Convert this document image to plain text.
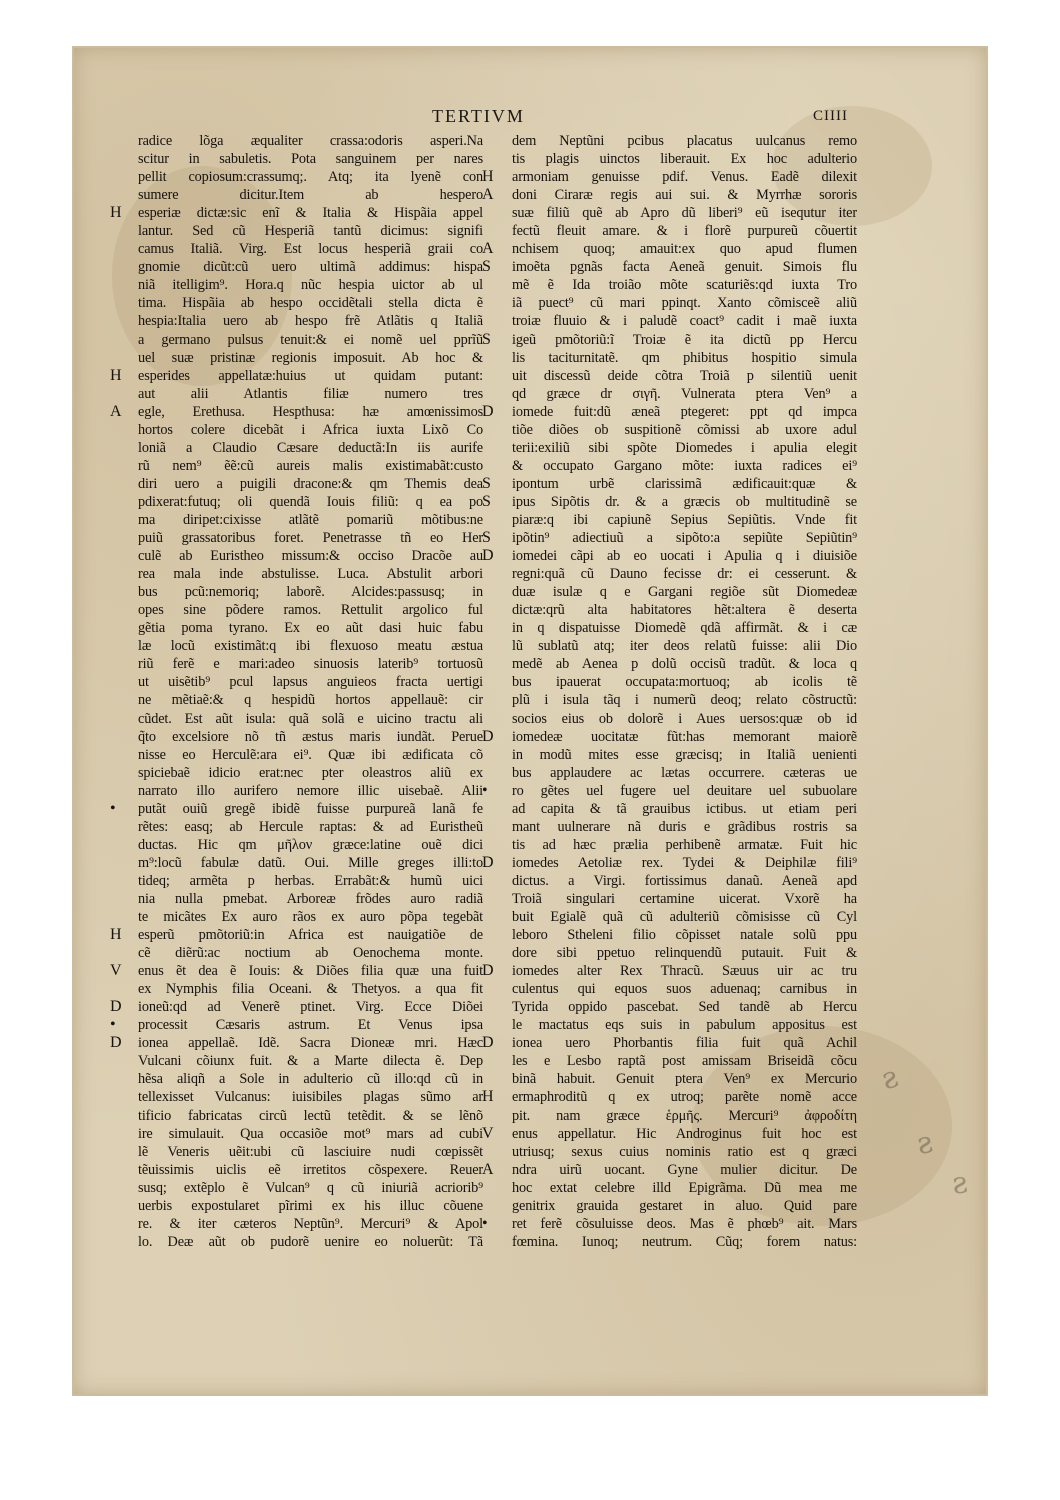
TERTIVM	CIIII
radice lõga æqualiter crassa:odoris asperi.Na
scitur in sabuletis. Pota sanguinem per nares
pellit copiosum:crassumq;. Atq; ita lyenẽ con
sumere dicitur.Item ab hespero
H	esperiæ dictæ:sic enĩ & Italia & Hispãia appel
lantur. Sed cũ Hesperiã tantũ dicimus: signifi
camus Italiã. Virg. Est locus hesperiã graii co
gnomie dicũt:cũ uero ultimã addimus: hispa
niã itelligim⁹. Hora.q nũc hespia uictor ab ul
tima. Hispãia ab hespo occidẽtali stella dicta ẽ
hespia:Italia uero ab hespo frẽ Atlãtis q Italiã
a germano pulsus tenuit:& ei nomẽ uel pprĩũ
uel suæ pristinæ regionis imposuit. Ab hoc &
H	esperides appellatæ:huius ut quidam putant:
aut alii Atlantis filiæ numero tres
A	egle, Erethusa. Hespthusa: hæ amœnissimos
hortos colere dicebãt i Africa iuxta Lixõ Co
loniã a Claudio Cæsare deductã:In iis aurife
rũ nem⁹ ẽẽ:cũ aureis malis existimabãt:custo
diri uero a puigili dracone:& qm Themis dea
pdixerat:futuq; oli quendã Iouis filiũ: q ea po
ma diripet:cixisse atlãtẽ pomariũ mõtibus:ne
puiũ grassatoribus foret. Penetrasse tñ eo Her
culẽ ab Euristheo missum:& occiso Dracõe au
rea mala inde abstulisse. Luca. Abstulit arbori
bus pcũ:nemoriq; laborẽ. Alcides:passusq; in
opes sine põdere ramos. Rettulit argolico ful
gẽtia poma tyrano. Ex eo aũt dasi huic fabu
læ locũ existimãt:q ibi flexuoso meatu æstua
riũ ferẽ e mari:adeo sinuosis laterib⁹ tortuosũ
ut uisẽtib⁹ pcul lapsus anguieos fracta uertigi
ne mẽtiaẽ:& q hespidũ hortos appellauẽ: cir
cũdet. Est aũt isula: quã solã e uicino tractu ali
q̃to excelsiore nõ tñ æstus maris iundãt. Perue
nisse eo Herculẽ:ara ei⁹. Quæ ibi ædificata cõ
spiciebaẽ idicio erat:nec pter oleastros aliũ ex
narrato illo aurifero nemore illic uisebaẽ. Alii
•	putãt ouiũ gregẽ ibidẽ fuisse purpureã lanã fe
rẽtes: easq; ab Hercule raptas: & ad Euristheũ
ductas. Hic qm μῆλον græce:latine ouẽ dici
m⁹:locũ fabulæ datũ. Oui. Mille greges illi:to
tideq; armẽta p herbas. Errabãt:& humũ uici
nia nulla pmebat. Arboreæ frõdes auro radiã
te micãtes Ex auro rãos ex auro põpa tegebãt
H	esperũ pmõtoriũ:in Africa est nauigatiõe de
cẽ diẽrũ:ac noctium ab Oenochema monte.
V	enus ẽt dea ẽ Iouis: & Diões filia quæ una fuit
ex Nymphis filia Oceani. & Thetyos. a qua fit
D	ioneũ:qd ad Venerẽ ptinet. Virg. Ecce Diõei
•	processit Cæsaris astrum. Et Venus ipsa
D	ionea appellaẽ. Idẽ. Sacra Dioneæ mri. Hæc
Vulcani cõiunx fuit. & a Marte dilecta ẽ. Dep
hẽsa aliqñ a Sole in adulterio cũ illo:qd cũ in
tellexisset Vulcanus: iuisibiles plagas sũmo ar
tificio fabricatas circũ lectũ tetẽdit. & se lẽnõ
ire simulauit. Qua occasiõe mot⁹ mars ad cubi
lẽ Veneris uẽit:ubi cũ lasciuire nudi cœpissẽt
tẽuissimis uiclis eẽ irretitos cõspexere. Reuer
susq; extẽplo ẽ Vulcan⁹ q cũ iniuriã acriorib⁹
uerbis expostularet pĩrimi ex his illuc cõuene
re. & iter cæteros Neptũn⁹. Mercuri⁹ & Apol
lo. Deæ aũt ob pudorẽ uenire eo noluerũt: Tã
dem Neptũni pcibus placatus uulcanus remo
tis plagis uinctos liberauit. Ex hoc adulterio
H	armoniam genuisse pdif. Venus. Eadẽ dilexit
A	doni Ciraræ regis aui sui. & Myrrhæ sororis
suæ filiũ quẽ ab Apro dũ liberi⁹ eũ isequtur iter
fectũ fleuit amare. & i florẽ purpureũ cõuertit
A	nchisem quoq; amauit:ex quo apud flumen
S	imoẽta pgnãs facta Aeneã genuit. Simois flu
mẽ ẽ Ida troião mõte scaturiẽs:qd iuxta Tro
iã puect⁹ cũ mari ppinqt. Xanto cõmisceẽ aliũ
troiæ fluuio & i paludẽ coact⁹ cadit i maẽ iuxta
S	igeũ pmõtoriũ:ĩ Troiæ ẽ ita dictũ pp Hercu
lis taciturnitatẽ. qm phibitus hospitio simula
uit discessũ deide cõtra Troiã p silentiũ uenit
qd græce dr σιγῆ. Vulnerata ptera Ven⁹ a
D	iomede fuit:dũ æneã ptegeret: ppt qd impca
tiõe diões ob suspitionẽ cõmissi ab uxore adul
terii:exiliũ sibi spõte Diomedes i apulia elegit
& occupato Gargano mõte: iuxta radices ei⁹
S	ipontum urbẽ clarissimã ædificauit:quæ &
S	ipus Sipõtis dr. & a græcis ob multitudinẽ se
piaræ:q ibi capiunẽ Sepius Sepiũtis. Vnde fit
S	ipõtin⁹ adiectiuũ a sipõto:a sepiũte Sepiũtin⁹
D	iomedei cãpi ab eo uocati i Apulia q i diuisiõe
regni:quã cũ Dauno fecisse dr: ei cesserunt. &
duæ isulæ q e Gargani regiõe sũt Diomedeæ
dictæ:qrũ alta habitatores hẽt:altera ẽ deserta
in q dispatuisse Diomedẽ qdã affirmãt. & i cæ
lũ sublatũ atq; iter deos relatũ fuisse: alii Dio
medẽ ab Aenea p dolũ occisũ tradũt. & loca q
bus ipauerat occupata:mortuoq; ab icolis tẽ
plũ i isula tãq i numerũ deoq; relato cõstructũ:
socios eius ob dolorẽ i Aues uersos:quæ ob id
D	iomedeæ uocitatæ fũt:has memorant maiorẽ
in modũ mites esse græcisq; in Italiã uenienti
bus applaudere ac lætas occurrere. cæteras ue
•	ro gẽtes uel fugere uel deuitare uel subuolare
ad capita & tã grauibus ictibus. ut etiam peri
mant uulnerare nã duris e grãdibus rostris sa
tis ad hæc prælia perhibenẽ armatæ. Fuit hic
D	iomedes Aetoliæ rex. Tydei & Deiphilæ fili⁹
dictus. a Virgi. fortissimus danaũ. Aeneã apd
Troiã singulari certamine uicerat. Vxorẽ ha
buit Egialẽ quã cũ adulteriũ cõmisisse cũ Cyl
leboro Stheleni filio cõpisset natale solũ ppu
dore sibi ppetuo relinquendũ putauit. Fuit &
D	iomedes alter Rex Thracũ. Sæuus uir ac tru
culentus qui equos suos aduenaq; carnibus in
Tyrida oppido pascebat. Sed tandẽ ab Hercu
le mactatus eqs suis in pabulum appositus est
D	ionea uero Phorbantis filia fuit quã Achil
les e Lesbo raptã post amissam Briseidã cõcu
binã habuit. Genuit ptera Ven⁹ ex Mercurio
H	ermaphroditũ q ex utroq; parẽte nomẽ acce
pit. nam græce ἑρμῆς. Mercuri⁹ ἀφροδίτη
V	enus appellatur. Hic Androginus fuit hoc est
utriusq; sexus cuius nominis ratio est q græci
A	ndra uirũ uocant. Gyne mulier dicitur. De
hoc extat celebre illd Epigrãma. Dũ mea me
genitrix grauida gestaret in aluo. Quid pare
•	ret ferẽ cõsuluisse deos. Mas ẽ phœb⁹ ait. Mars
fœmina. Iunoq; neutrum. Cũq; forem natus:
ƨ
ƨ
ƨ
